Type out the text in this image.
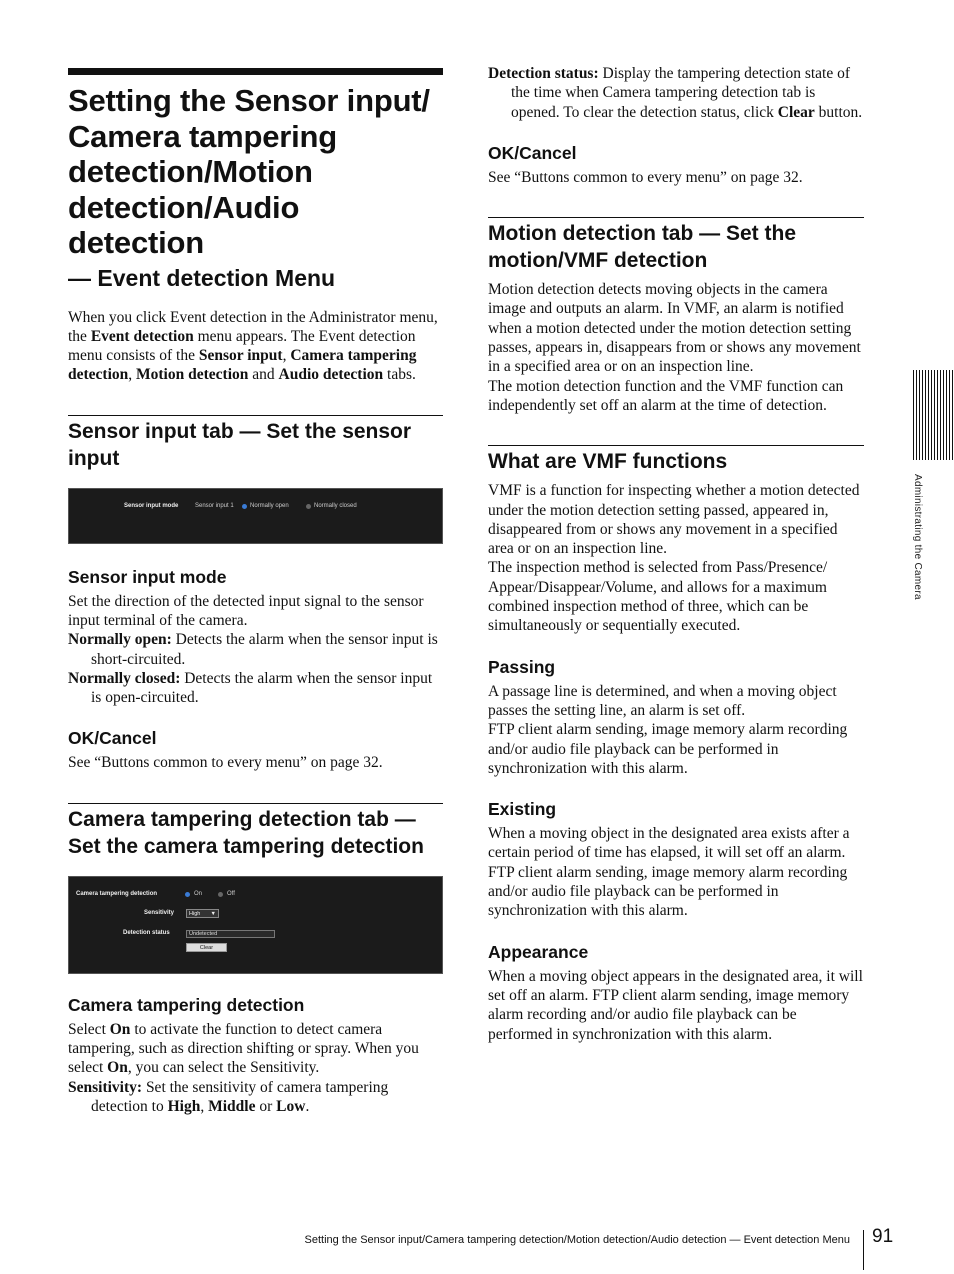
Setting the Sensor input/
Camera tampering
detection/Motion
detection/Audio
detection
— Event detection Menu

When you click Event detection in the Administrator menu, the Event detection menu appears. The Event detection menu consists of the Sensor input, Camera tampering detection, Motion detection and Audio detection tabs.

Sensor input tab — Set the sensor input
Sensor input mode	Sensor input 1	Normally open	Normally closed
Sensor input mode

Set the direction of the detected input signal to the sensor input terminal of the camera.

Normally open: Detects the alarm when the sensor input is short-circuited.

Normally closed: Detects the alarm when the sensor input is open-circuited.

OK/Cancel

See “Buttons common to every menu” on page 32.

Camera tampering detection tab — Set the camera tampering detection
Camera tampering detection	On	Off
Sensitivity	High ▼
Detection status	Undetected
Clear
Camera tampering detection

Select On to activate the function to detect camera tampering, such as direction shifting or spray. When you select On, you can select the Sensitivity.

Sensitivity: Set the sensitivity of camera tampering detection to High, Middle or Low.

Detection status: Display the tampering detection state of the time when Camera tampering detection tab is opened. To clear the detection status, click Clear button.

OK/Cancel

See “Buttons common to every menu” on page 32.

Motion detection tab — Set the motion/VMF detection

Motion detection detects moving objects in the camera image and outputs an alarm. In VMF, an alarm is notified when a motion detected under the motion detection setting passes, appears in, disappears from or shows any movement in a specified area or on an inspection line.

The motion detection function and the VMF function can independently set off an alarm at the time of detection.

What are VMF functions

VMF is a function for inspecting whether a motion detected under the motion detection setting passed, appeared in, disappeared from or shows any movement in a specified area or on an inspection line.

The inspection method is selected from Pass/Presence/ Appear/Disappear/Volume, and allows for a maximum combined inspection method of three, which can be simultaneously or sequentially executed.

Passing

A passage line is determined, and when a moving object passes the setting line, an alarm is set off.

FTP client alarm sending, image memory alarm recording and/or audio file playback can be performed in synchronization with this alarm.

Existing

When a moving object in the designated area exists after a certain period of time has elapsed, it will set off an alarm. FTP client alarm sending, image memory alarm recording and/or audio file playback can be performed in synchronization with this alarm.

Appearance

When a moving object appears in the designated area, it will set off an alarm. FTP client alarm sending, image memory alarm recording and/or audio file playback can be performed in synchronization with this alarm.

Administrating the Camera
Setting the Sensor input/Camera tampering detection/Motion detection/Audio detection — Event detection Menu 91
